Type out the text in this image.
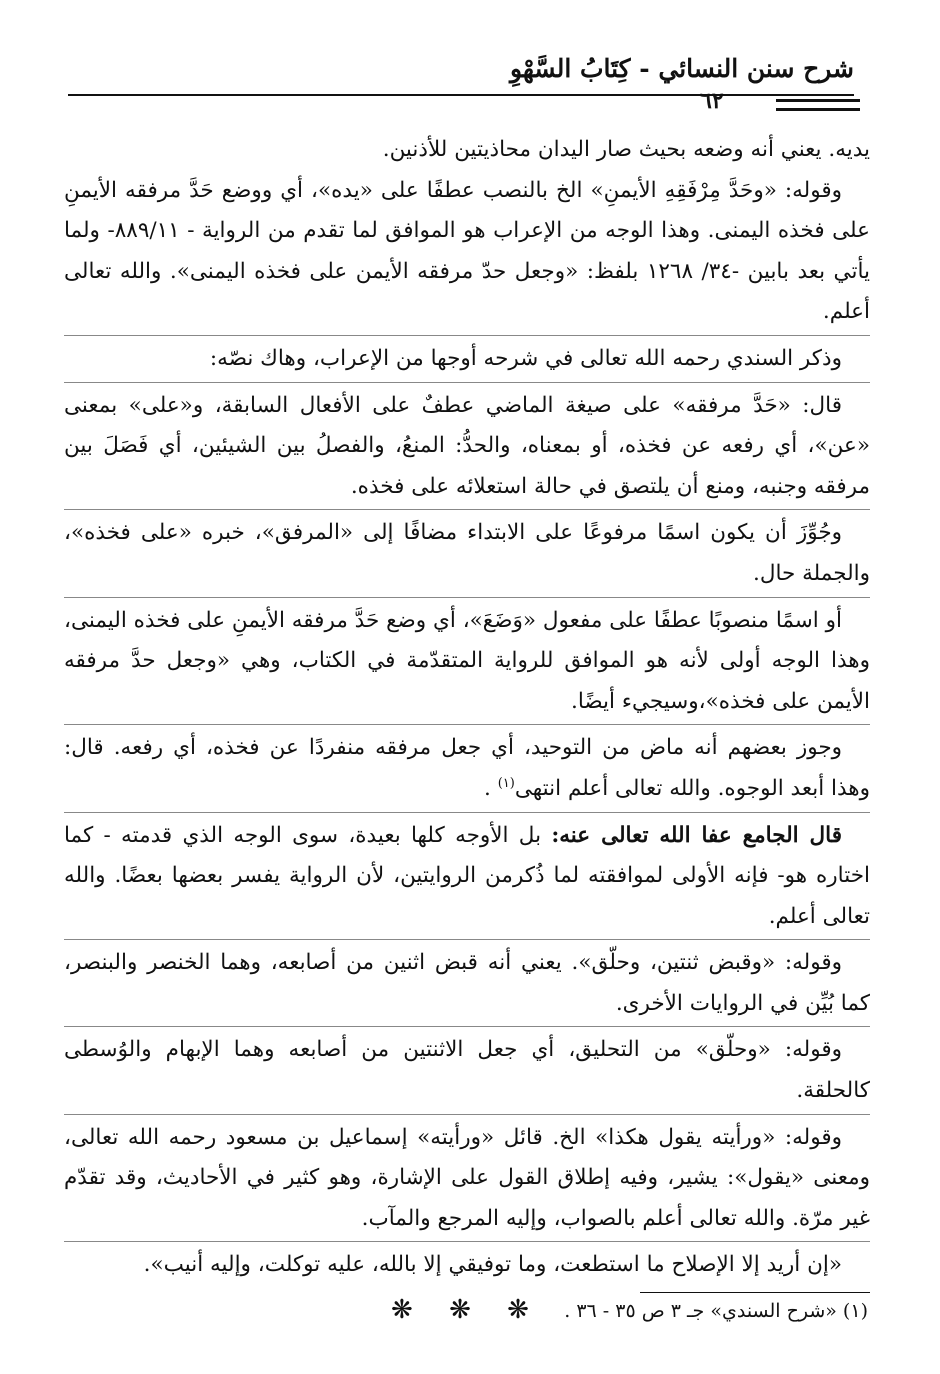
شرح سنن النسائي - كِتَابُ السَّهْوِ
٦٢

يديه. يعني أنه وضعه بحيث صار اليدان محاذيتين للأذنين.

وقوله: «وحَدَّ مِرْفَقِهِ الأيمنِ» الخ بالنصب عطفًا على «يده»، أي ووضع حَدَّ مرفقه الأيمنِ على فخذه اليمنى. وهذا الوجه من الإعراب هو الموافق لما تقدم من الرواية - ٨٨٩/١١- ولما يأتي بعد بابين -٣٤/ ١٢٦٨ بلفظ: «وجعل حدّ مرفقه الأيمن على فخذه اليمنى». والله تعالى أعلم.

وذكر السندي رحمه الله تعالى في شرحه أوجها من الإعراب، وهاك نصّه:

قال: «حَدَّ مرفقه» على صيغة الماضي عطفٌ على الأفعال السابقة، و«على» بمعنى «عن»، أي رفعه عن فخذه، أو بمعناه، والحدُّ: المنعُ، والفصلُ بين الشيئين، أي فَصَلَ بين مرفقه وجنبه، ومنع أن يلتصق في حالة استعلائه على فخذه.

وجُوِّزَ أن يكون اسمًا مرفوعًا على الابتداء مضافًا إلى «المرفق»، خبره «على فخذه»، والجملة حال.

أو اسمًا منصوبًا عطفًا على مفعول «وَضَعَ»، أي وضع حَدَّ مرفقه الأيمنِ على فخذه اليمنى، وهذا الوجه أولى لأنه هو الموافق للرواية المتقدّمة في الكتاب، وهي «وجعل حدَّ مرفقه الأيمن على فخذه»،وسيجيء أيضًا.

وجوز بعضهم أنه ماض من التوحيد، أي جعل مرفقه منفردًا عن فخذه، أي رفعه. قال: وهذا أبعد الوجوه. والله تعالى أعلم انتهى$^{(١)}$ .

قال الجامع عفا الله تعالى عنه: بل الأوجه كلها بعيدة، سوى الوجه الذي قدمته - كما اختاره هو- فإنه الأولى لموافقته لما ذُكرمن الروايتين، لأن الرواية يفسر بعضها بعضًا. والله تعالى أعلم.

وقوله: «وقبض ثنتين، وحلّق». يعني أنه قبض اثنين من أصابعه، وهما الخنصر والبنصر، كما بُيِّن في الروايات الأخرى.

وقوله: «وحلّق» من التحليق، أي جعل الاثنتين من أصابعه وهما الإبهام والوُسطى كالحلقة.

وقوله: «ورأيته يقول هكذا» الخ. قائل «ورأيته» إسماعيل بن مسعود رحمه الله تعالى، ومعنى «يقول»: يشير، وفيه إطلاق القول على الإشارة، وهو كثير في الأحاديث، وقد تقدّم غير مرّة. والله تعالى أعلم بالصواب، وإليه المرجع والمآب.

«إن أريد إلا الإصلاح ما استطعت، وما توفيقي إلا بالله، عليه توكلت، وإليه أنيب».

❋ ❋ ❋	(١) «شرح السندي» جـ ٣ ص ٣٥ - ٣٦ .
